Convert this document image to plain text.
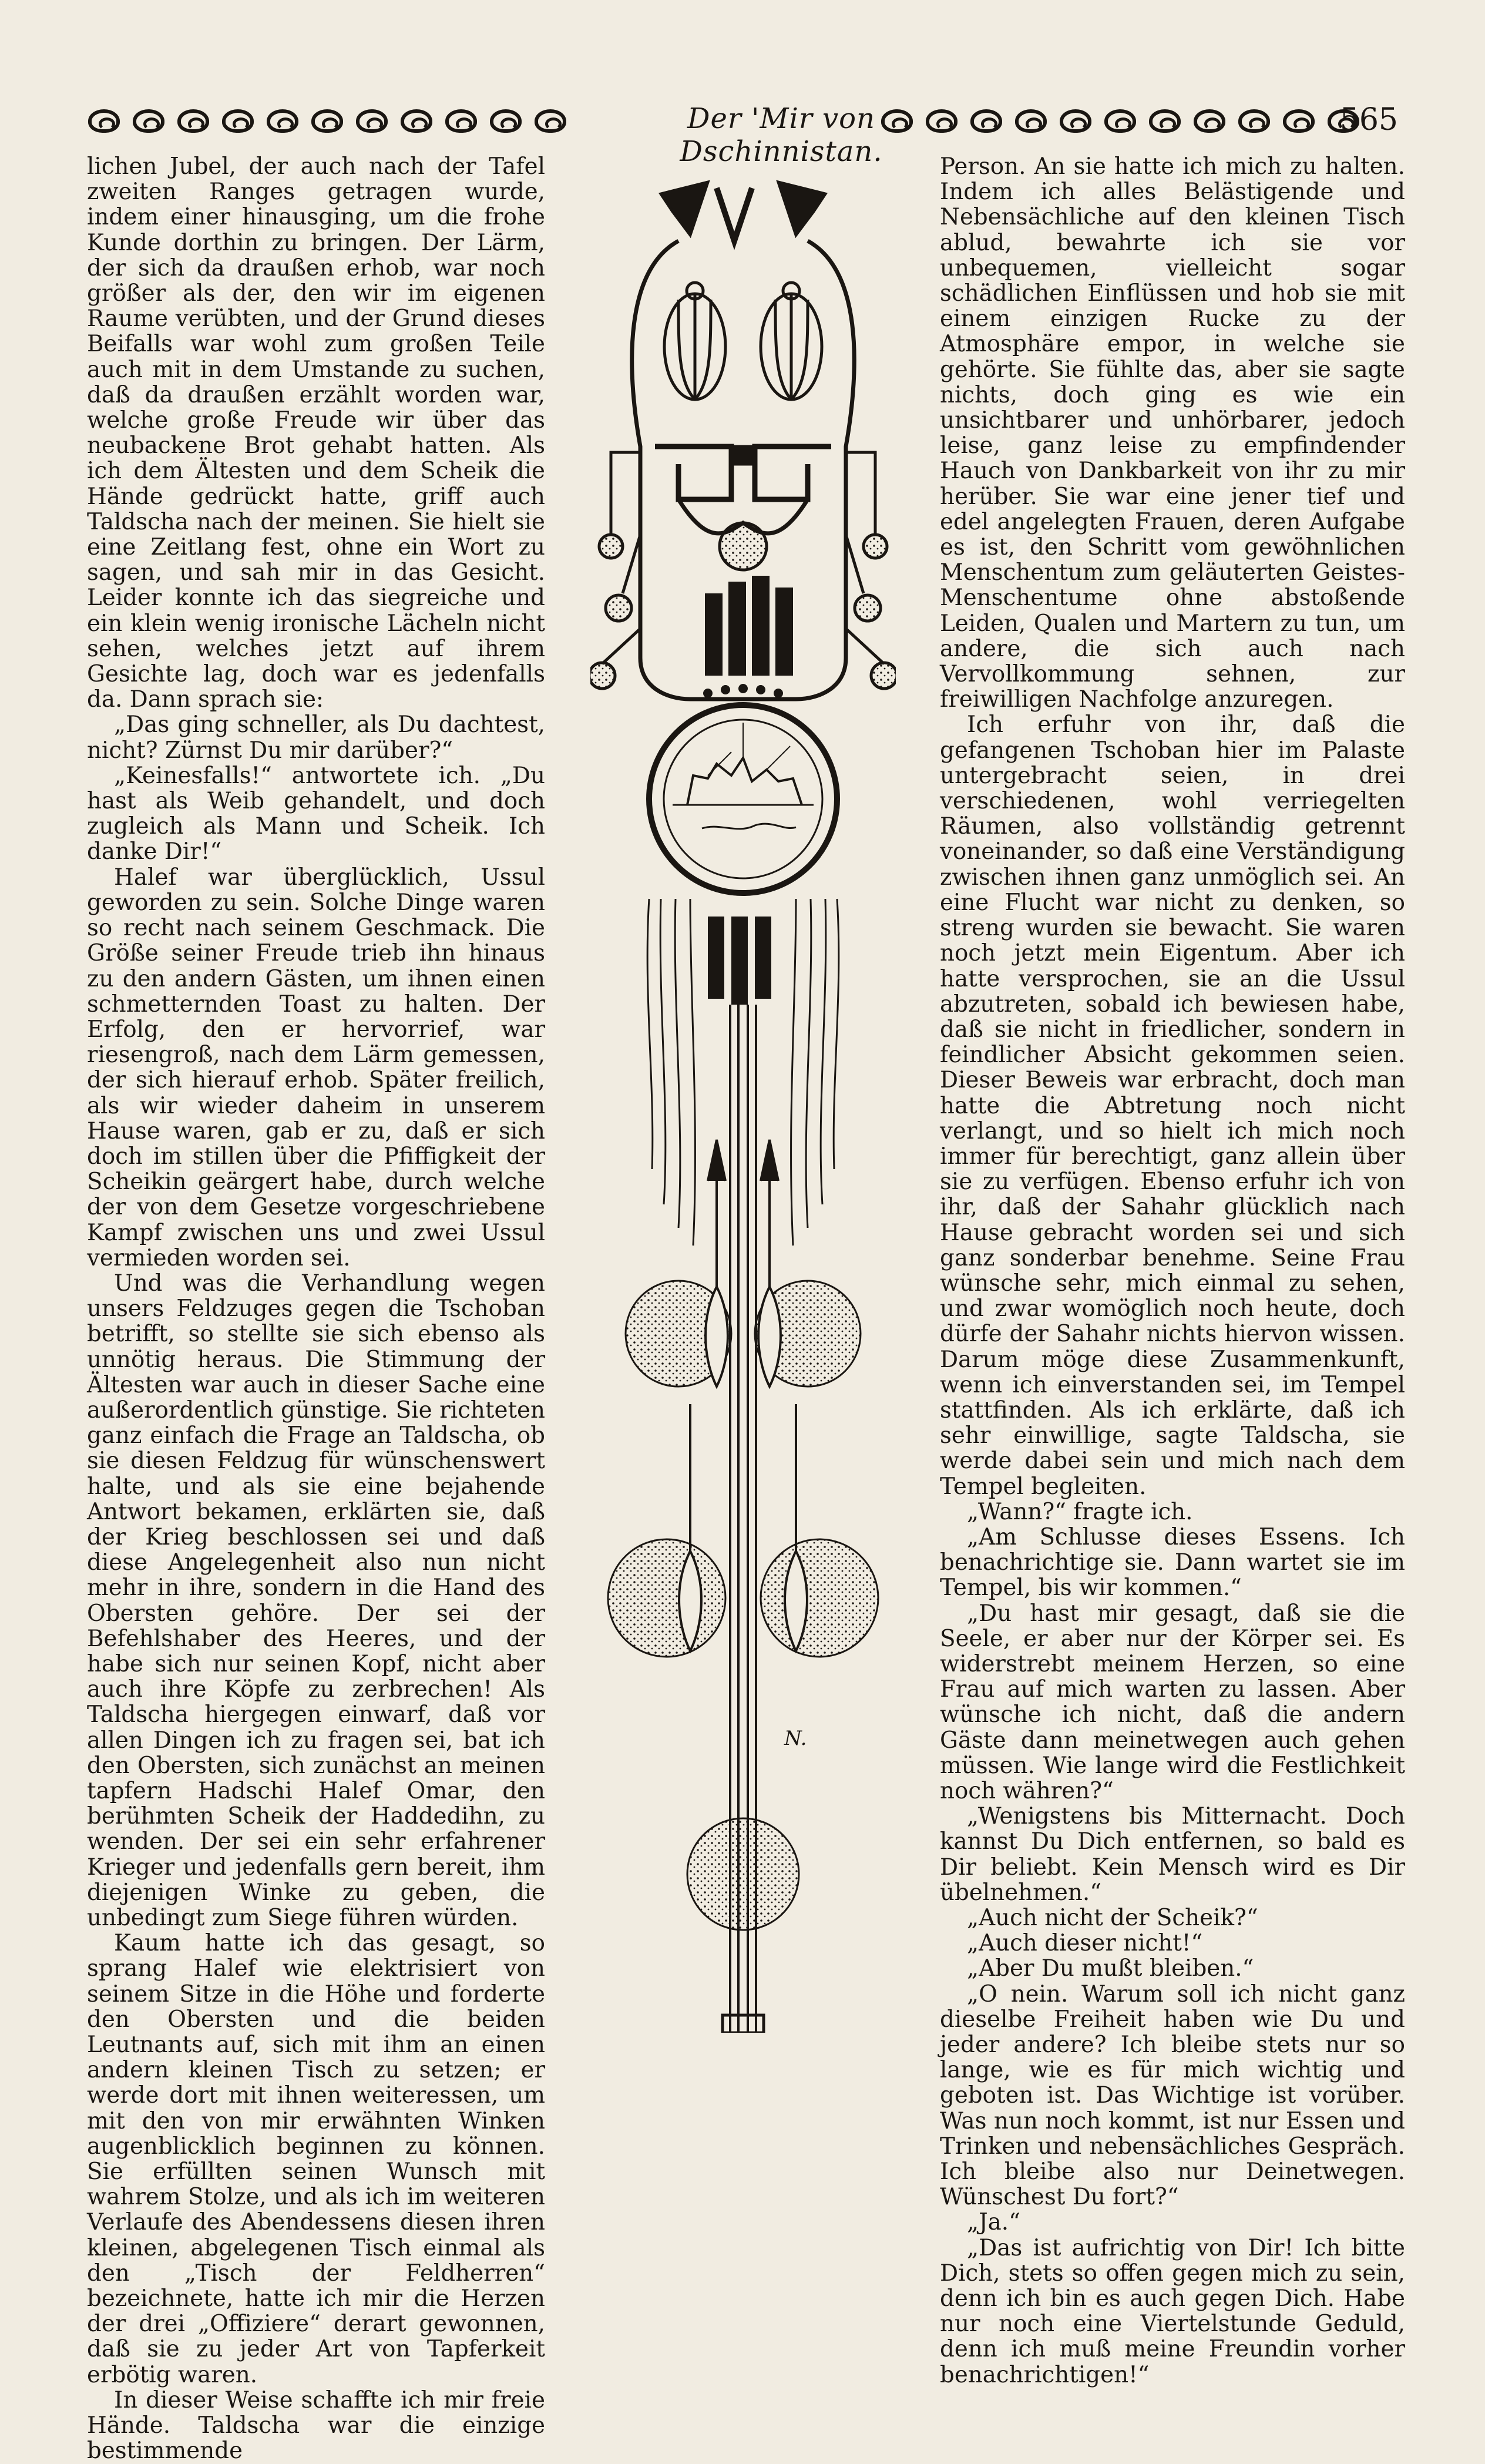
Der 'Mir von Dschinnistan.
565

lichen Jubel, der auch nach der Tafel zweiten Ranges getragen wurde, indem einer hinausging, um die frohe Kunde dorthin zu bringen. Der Lärm, der sich da draußen erhob, war noch größer als der, den wir im eigenen Raume verübten, und der Grund dieses Beifalls war wohl zum großen Teile auch mit in dem Umstande zu suchen, daß da draußen erzählt worden war, welche große Freude wir über das neubackene Brot gehabt hatten. Als ich dem Ältesten und dem Scheik die Hände gedrückt hatte, griff auch Taldscha nach der meinen. Sie hielt sie eine Zeitlang fest, ohne ein Wort zu sagen, und sah mir in das Gesicht. Leider konnte ich das siegreiche und ein klein wenig ironische Lächeln nicht sehen, welches jetzt auf ihrem Gesichte lag, doch war es jedenfalls da. Dann sprach sie:

„Das ging schneller, als Du dachtest, nicht? Zürnst Du mir darüber?“

„Keinesfalls!“ antwortete ich. „Du hast als Weib gehandelt, und doch zugleich als Mann und Scheik. Ich danke Dir!“

Halef war überglücklich, Ussul geworden zu sein. Solche Dinge waren so recht nach seinem Geschmack. Die Größe seiner Freude trieb ihn hinaus zu den andern Gästen, um ihnen einen schmetternden Toast zu halten. Der Erfolg, den er hervorrief, war riesengroß, nach dem Lärm gemessen, der sich hierauf erhob. Später freilich, als wir wieder daheim in unserem Hause waren, gab er zu, daß er sich doch im stillen über die Pfiffigkeit der Scheikin geärgert habe, durch welche der von dem Gesetze vorgeschriebene Kampf zwischen uns und zwei Ussul vermieden worden sei.

Und was die Verhandlung wegen unsers Feldzuges gegen die Tschoban betrifft, so stellte sie sich ebenso als unnötig heraus. Die Stimmung der Ältesten war auch in dieser Sache eine außerordentlich günstige. Sie richteten ganz einfach die Frage an Taldscha, ob sie diesen Feldzug für wünschenswert halte, und als sie eine bejahende Antwort bekamen, erklärten sie, daß der Krieg beschlossen sei und daß diese Angelegenheit also nun nicht mehr in ihre, sondern in die Hand des Obersten gehöre. Der sei der Befehlshaber des Heeres, und der habe sich nur seinen Kopf, nicht aber auch ihre Köpfe zu zerbrechen! Als Taldscha hiergegen einwarf, daß vor allen Dingen ich zu fragen sei, bat ich den Obersten, sich zunächst an meinen tapfern Hadschi Halef Omar, den berühmten Scheik der Haddedihn, zu wenden. Der sei ein sehr erfahrener Krieger und jedenfalls gern bereit, ihm diejenigen Winke zu geben, die unbedingt zum Siege führen würden.

Kaum hatte ich das gesagt, so sprang Halef wie elektrisiert von seinem Sitze in die Höhe und forderte den Obersten und die beiden Leutnants auf, sich mit ihm an einen andern kleinen Tisch zu setzen; er werde dort mit ihnen weiteressen, um mit den von mir erwähnten Winken augenblicklich beginnen zu können. Sie erfüllten seinen Wunsch mit wahrem Stolze, und als ich im weiteren Verlaufe des Abendessens diesen ihren kleinen, abgelegenen Tisch einmal als den „Tisch der Feldherren“ bezeichnete, hatte ich mir die Herzen der drei „Offiziere“ derart gewonnen, daß sie zu jeder Art von Tapferkeit erbötig waren.

In dieser Weise schaffte ich mir freie Hände. Taldscha war die einzige bestimmende

N.

Person. An sie hatte ich mich zu halten. Indem ich alles Belästigende und Nebensächliche auf den kleinen Tisch ablud, bewahrte ich sie vor unbequemen, vielleicht sogar schädlichen Einflüssen und hob sie mit einem einzigen Rucke zu der Atmosphäre empor, in welche sie gehörte. Sie fühlte das, aber sie sagte nichts, doch ging es wie ein unsichtbarer und unhörbarer, jedoch leise, ganz leise zu empfindender Hauch von Dankbarkeit von ihr zu mir herüber. Sie war eine jener tief und edel angelegten Frauen, deren Aufgabe es ist, den Schritt vom gewöhnlichen Menschentum zum geläuterten Geistes-Menschentume ohne abstoßende Leiden, Qualen und Martern zu tun, um andere, die sich auch nach Vervollkommung sehnen, zur freiwilligen Nachfolge anzuregen.

Ich erfuhr von ihr, daß die gefangenen Tschoban hier im Palaste untergebracht seien, in drei verschiedenen, wohl verriegelten Räumen, also vollständig getrennt voneinander, so daß eine Verständigung zwischen ihnen ganz unmöglich sei. An eine Flucht war nicht zu denken, so streng wurden sie bewacht. Sie waren noch jetzt mein Eigentum. Aber ich hatte versprochen, sie an die Ussul abzutreten, sobald ich bewiesen habe, daß sie nicht in friedlicher, sondern in feindlicher Absicht gekommen seien. Dieser Beweis war erbracht, doch man hatte die Abtretung noch nicht verlangt, und so hielt ich mich noch immer für berechtigt, ganz allein über sie zu verfügen. Ebenso erfuhr ich von ihr, daß der Sahahr glücklich nach Hause gebracht worden sei und sich ganz sonderbar benehme. Seine Frau wünsche sehr, mich einmal zu sehen, und zwar womöglich noch heute, doch dürfe der Sahahr nichts hiervon wissen. Darum möge diese Zusammenkunft, wenn ich einverstanden sei, im Tempel stattfinden. Als ich erklärte, daß ich sehr einwillige, sagte Taldscha, sie werde dabei sein und mich nach dem Tempel begleiten.

„Wann?“ fragte ich.

„Am Schlusse dieses Essens. Ich benachrichtige sie. Dann wartet sie im Tempel, bis wir kommen.“

„Du hast mir gesagt, daß sie die Seele, er aber nur der Körper sei. Es widerstrebt meinem Herzen, so eine Frau auf mich warten zu lassen. Aber wünsche ich nicht, daß die andern Gäste dann meinetwegen auch gehen müssen. Wie lange wird die Festlichkeit noch währen?“

„Wenigstens bis Mitternacht. Doch kannst Du Dich entfernen, so bald es Dir beliebt. Kein Mensch wird es Dir übelnehmen.“

„Auch nicht der Scheik?“

„Auch dieser nicht!“

„Aber Du mußt bleiben.“

„O nein. Warum soll ich nicht ganz dieselbe Freiheit haben wie Du und jeder andere? Ich bleibe stets nur so lange, wie es für mich wichtig und geboten ist. Das Wichtige ist vorüber. Was nun noch kommt, ist nur Essen und Trinken und nebensächliches Gespräch. Ich bleibe also nur Deinetwegen. Wünschest Du fort?“

„Ja.“

„Das ist aufrichtig von Dir! Ich bitte Dich, stets so offen gegen mich zu sein, denn ich bin es auch gegen Dich. Habe nur noch eine Viertelstunde Geduld, denn ich muß meine Freundin vorher benachrichtigen!“
